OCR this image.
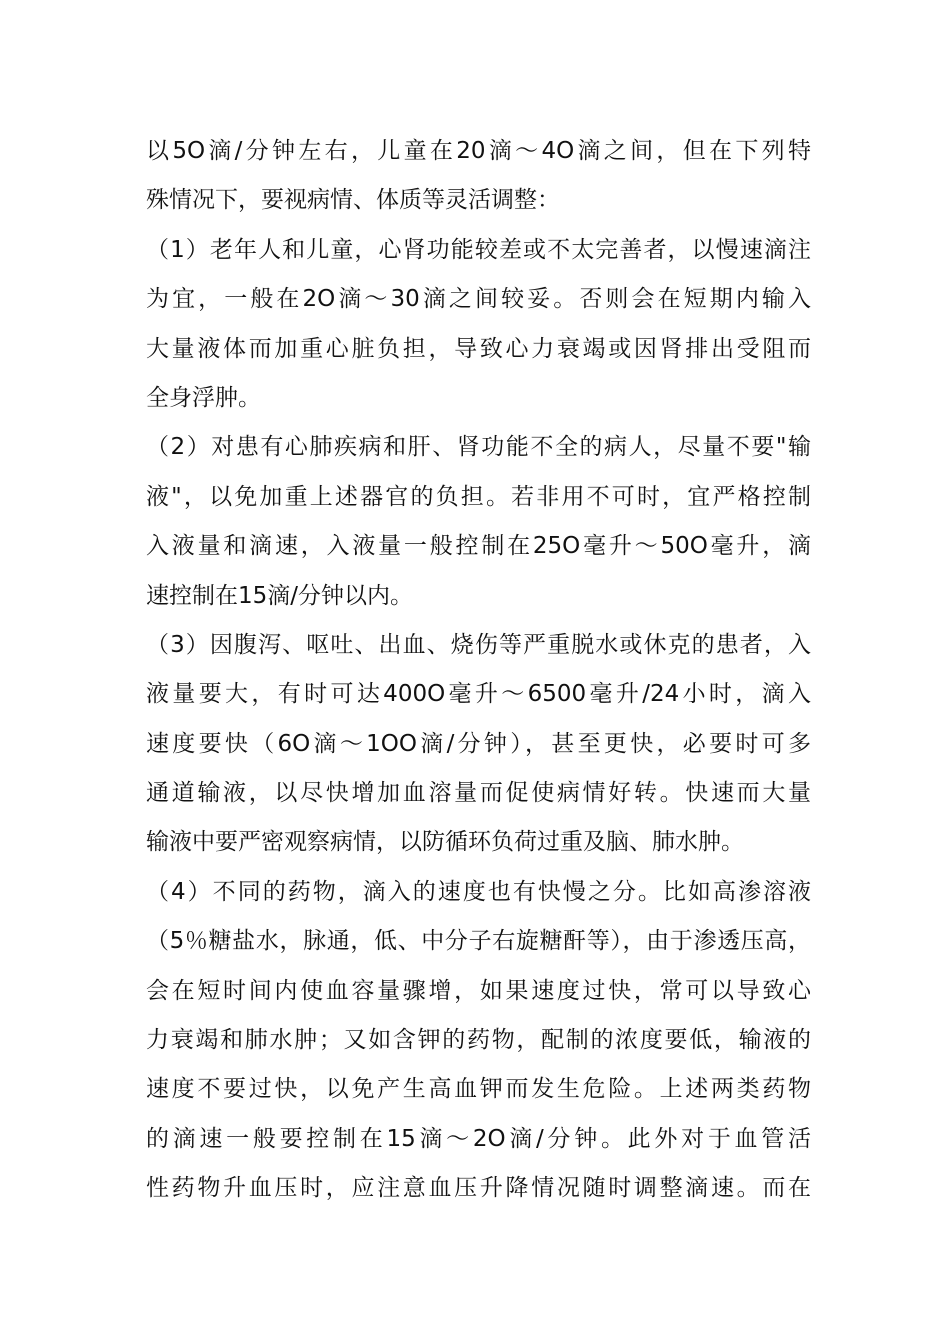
以5O滴/分钟左右，儿童在20滴～4O滴之间，但在下列特
殊情况下，要视病情、体质等灵活调整：
（1）老年人和儿童，心肾功能较差或不太完善者，以慢速滴注
为宜，一般在2O滴～30滴之间较妥。否则会在短期内输入
大量液体而加重心脏负担，导致心力衰竭或因肾排出受阻而
全身浮肿。
（2）对患有心肺疾病和肝、肾功能不全的病人，尽量不要"输
液"，以免加重上述器官的负担。若非用不可时，宜严格控制
入液量和滴速，入液量一般控制在25O毫升～50O毫升，滴
速控制在15滴/分钟以内。
（3）因腹泻、呕吐、出血、烧伤等严重脱水或休克的患者，入
液量要大，有时可达400O毫升～6500毫升/24小时，滴入
速度要快（6O滴～1OO滴/分钟），甚至更快，必要时可多
通道输液，以尽快增加血溶量而促使病情好转。快速而大量
输液中要严密观察病情，以防循环负荷过重及脑、肺水肿。
（4）不同的药物，滴入的速度也有快慢之分。比如高渗溶液
（5％糖盐水，脉通，低、中分子右旋糖酐等），由于渗透压高，
会在短时间内使血容量骤增，如果速度过快，常可以导致心
力衰竭和肺水肿；又如含钾的药物，配制的浓度要低，输液的
速度不要过快，以免产生高血钾而发生危险。上述两类药物
的滴速一般要控制在15滴～2O滴/分钟。此外对于血管活
性药物升血压时，应注意血压升降情况随时调整滴速。而在
